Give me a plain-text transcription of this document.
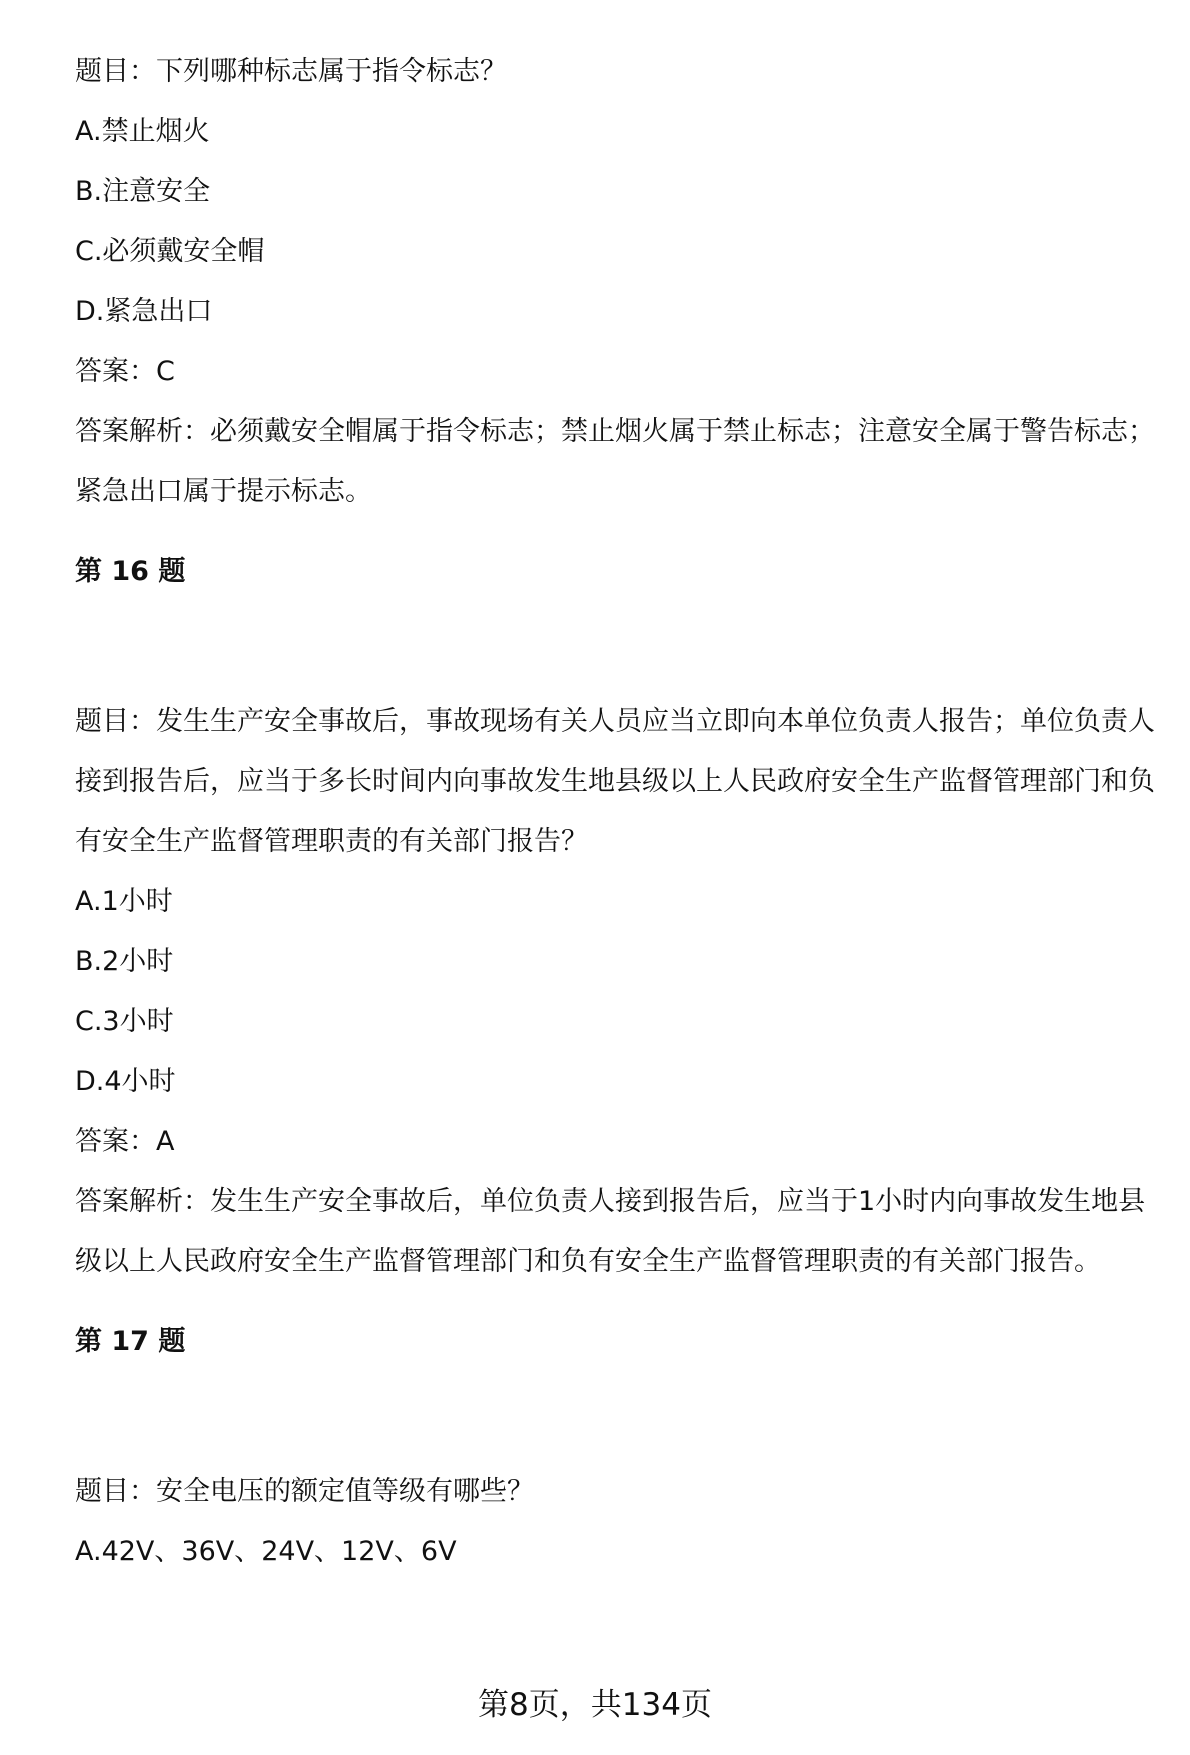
题目：下列哪种标志属于指令标志？

A.禁止烟火

B.注意安全

C.必须戴安全帽

D.紧急出口

答案：C

答案解析：必须戴安全帽属于指令标志；禁止烟火属于禁止标志；注意安全属于警告标志；紧急出口属于提示标志。

第 16 题

题目：发生生产安全事故后，事故现场有关人员应当立即向本单位负责人报告；单位负责人接到报告后，应当于多长时间内向事故发生地县级以上人民政府安全生产监督管理部门和负有安全生产监督管理职责的有关部门报告？

A.1小时

B.2小时

C.3小时

D.4小时

答案：A

答案解析：发生生产安全事故后，单位负责人接到报告后，应当于1小时内向事故发生地县级以上人民政府安全生产监督管理部门和负有安全生产监督管理职责的有关部门报告。

第 17 题

题目：安全电压的额定值等级有哪些？

A.42V、36V、24V、12V、6V

第8页，共134页
